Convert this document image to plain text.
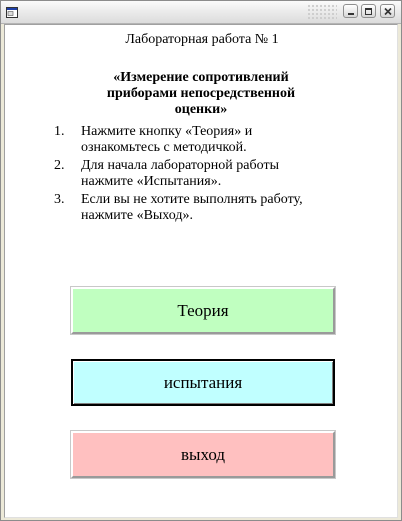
Лабораторная работа № 1
«Измерение сопротивлений приборами непосредственной оценки»
1. Нажмите кнопку «Теория» и ознакомьтесь с методичкой.
2. Для начала лабораторной работы нажмите «Испытания».
3. Если вы не хотите выполнять работу, нажмите «Выход».
Теория
испытания
выход
